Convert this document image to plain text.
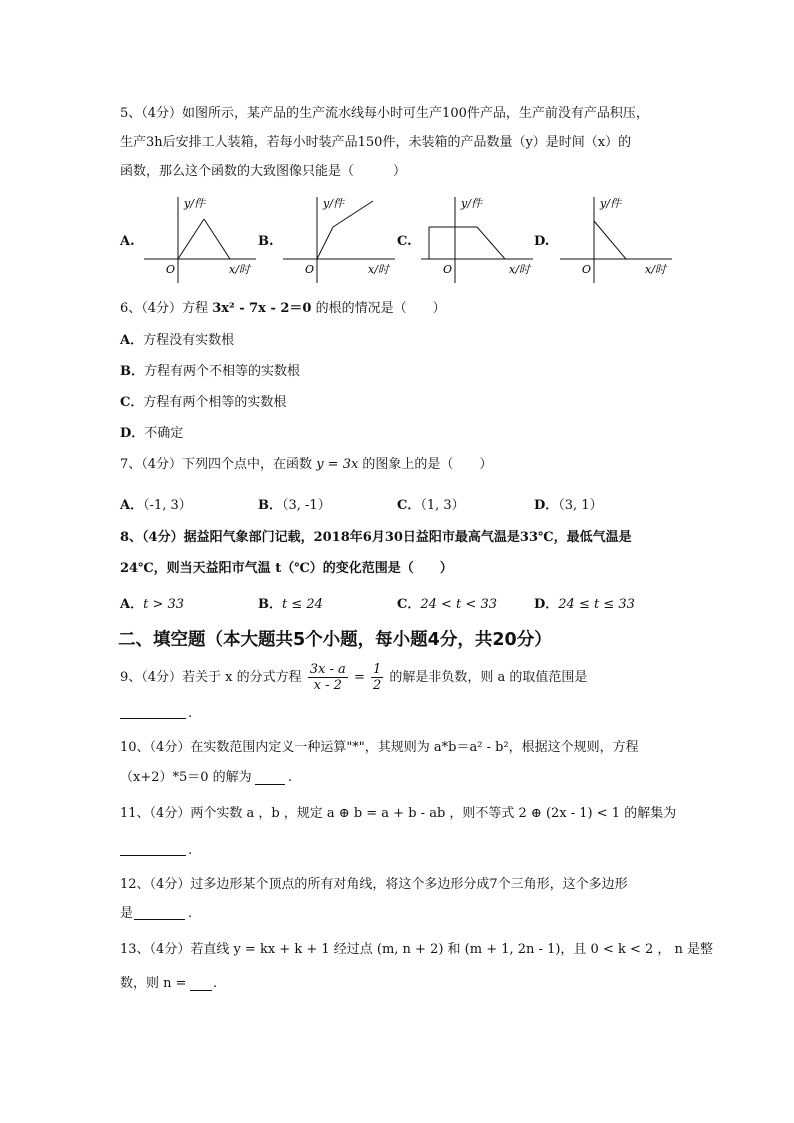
5、（4分）如图所示，某产品的生产流水线每小时可生产100件产品，生产前没有产品积压，
生产3h后安排工人装箱，若每小时装产品150件，未装箱的产品数量（y）是时间（x）的
函数，那么这个函数的大致图像只能是（　　　）
A.
y/件
x/时
O
B.
y/件
x/时
O
C.
y/件
x/时
O
D.
y/件
x/时
O
6、（4分）方程 3x² - 7x - 2＝0 的根的情况是（　　）
A．方程没有实数根
B．方程有两个不相等的实数根
C．方程有两个相等的实数根
D．不确定
7、（4分）下列四个点中，在函数 y = 3x 的图象上的是（　　）
A．（-1, 3）	B．（3, -1）	C．（1, 3）	D．（3, 1）
8、（4分）据益阳气象部门记载，2018年6月30日益阳市最高气温是33℃，最低气温是
24℃，则当天益阳市气温 t（℃）的变化范围是（　　）
A．t > 33	B．t ≤ 24	C．24 < t < 33	D．24 ≤ t ≤ 33
二、填空题（本大题共5个小题，每小题4分，共20分）
9、（4分）若关于 x 的分式方程 $\frac{3x - a}{x - 2} = \frac{1}{2}$ 的解是非负数，则 a 的取值范围是
.
10、（4分）在实数范围内定义一种运算"*"，其规则为 a*b＝a² - b²，根据这个规则，方程
（x+2）*5＝0 的解为	.
11、（4分）两个实数 a ，b ，规定 a ⊕ b = a + b - ab ，则不等式 2 ⊕ (2x - 1) < 1 的解集为
.
12、（4分）过多边形某个顶点的所有对角线，将这个多边形分成7个三角形，这个多边形
是	.
13、（4分）若直线 y = kx + k + 1 经过点 (m, n + 2) 和 (m + 1, 2n - 1)，且 0 < k < 2 ， n 是整
数，则 n = .
